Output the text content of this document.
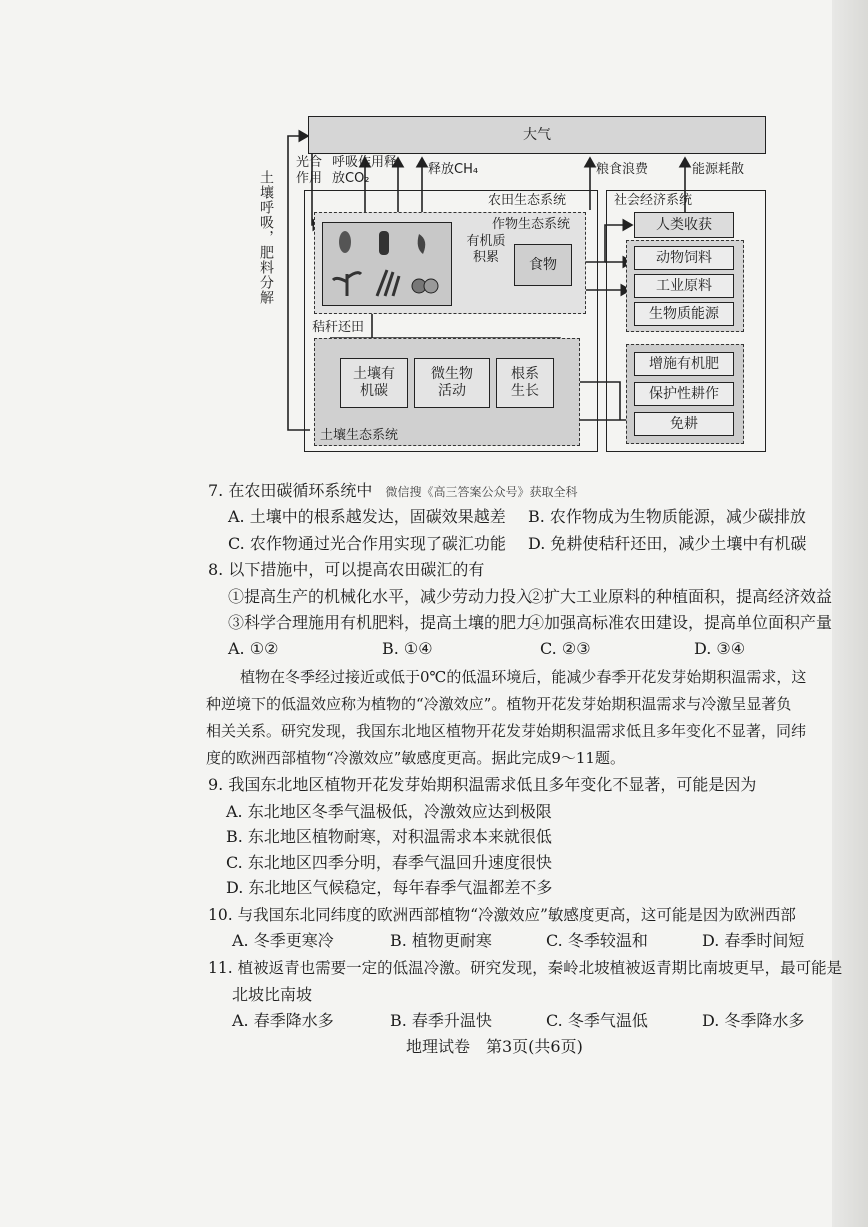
大气
土壤呼吸，肥料分解
光合作用
呼吸作用释放CO₂
释放CH₄	粮食浪费	能源耗散
农田生态系统
作物生态系统
有机质积累	食物
秸秆还田
土壤有机碳
微生物活动
根系生长
土壤生态系统
社会经济系统
人类收获
动物饲料
工业原料
生物质能源
增施有机肥
保护性耕作
免耕
7. 在农田碳循环系统中 微信搜《高三答案公众号》获取全科
A. 土壤中的根系越发达，固碳效果越差 B. 农作物成为生物质能源，减少碳排放
C. 农作物通过光合作用实现了碳汇功能 D. 免耕使秸秆还田，减少土壤中有机碳
8. 以下措施中，可以提高农田碳汇的有
①提高生产的机械化水平，减少劳动力投入
②扩大工业原料的种植面积，提高经济效益
③科学合理施用有机肥料，提高土壤的肥力
④加强高标准农田建设，提高单位面积产量
A. ①②	B. ①④	C. ②③	D. ③④
植物在冬季经过接近或低于0℃的低温环境后，能减少春季开花发芽始期积温需求，这
种逆境下的低温效应称为植物的“冷激效应”。植物开花发芽始期积温需求与冷激呈显著负
相关关系。研究发现，我国东北地区植物开花发芽始期积温需求低且多年变化不显著，同纬
度的欧洲西部植物“冷激效应”敏感度更高。据此完成9～11题。
9. 我国东北地区植物开花发芽始期积温需求低且多年变化不显著，可能是因为
A. 东北地区冬季气温极低，冷激效应达到极限
B. 东北地区植物耐寒，对积温需求本来就很低
C. 东北地区四季分明，春季气温回升速度很快
D. 东北地区气候稳定，每年春季气温都差不多
10. 与我国东北同纬度的欧洲西部植物“冷激效应”敏感度更高，这可能是因为欧洲西部
A. 冬季更寒冷	B. 植物更耐寒	C. 冬季较温和	D. 春季时间短
11. 植被返青也需要一定的低温冷激。研究发现，秦岭北坡植被返青期比南坡更早，最可能是
北坡比南坡
A. 春季降水多	B. 春季升温快	C. 冬季气温低	D. 冬季降水多
地理试卷　第3页(共6页)
